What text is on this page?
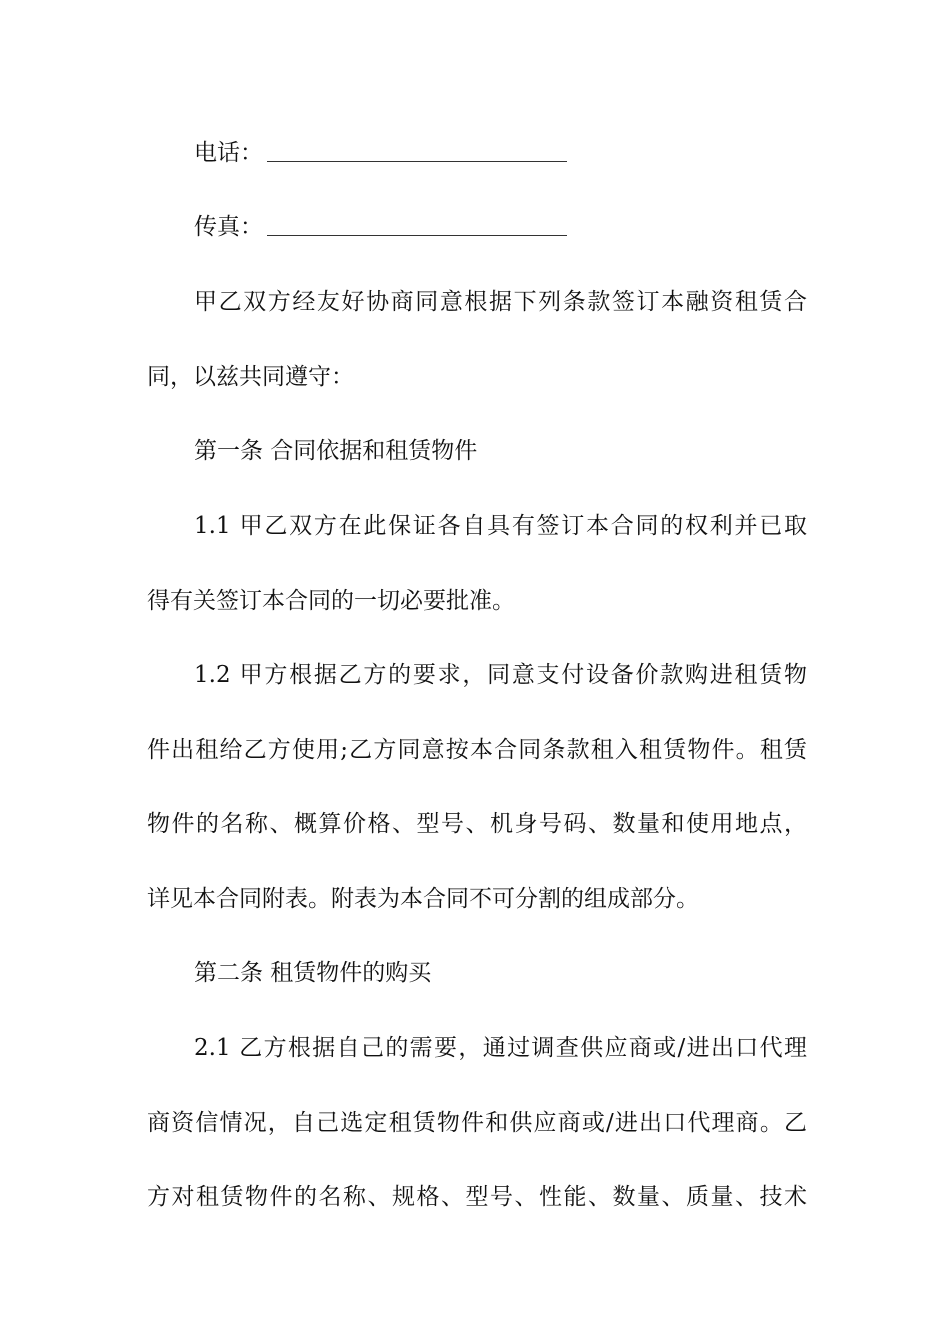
电话：
传真：
甲乙双方经友好协商同意根据下列条款签订本融资租赁合
同，以兹共同遵守：
第一条 合同依据和租赁物件
1.1 甲乙双方在此保证各自具有签订本合同的权利并已取
得有关签订本合同的一切必要批准。
1.2 甲方根据乙方的要求，同意支付设备价款购进租赁物
件出租给乙方使用;乙方同意按本合同条款租入租赁物件。租赁
物件的名称、概算价格、型号、机身号码、数量和使用地点，
详见本合同附表。附表为本合同不可分割的组成部分。
第二条 租赁物件的购买
2.1 乙方根据自己的需要，通过调查供应商或/进出口代理
商资信情况，自己选定租赁物件和供应商或/进出口代理商。乙
方对租赁物件的名称、规格、型号、性能、数量、质量、技术
